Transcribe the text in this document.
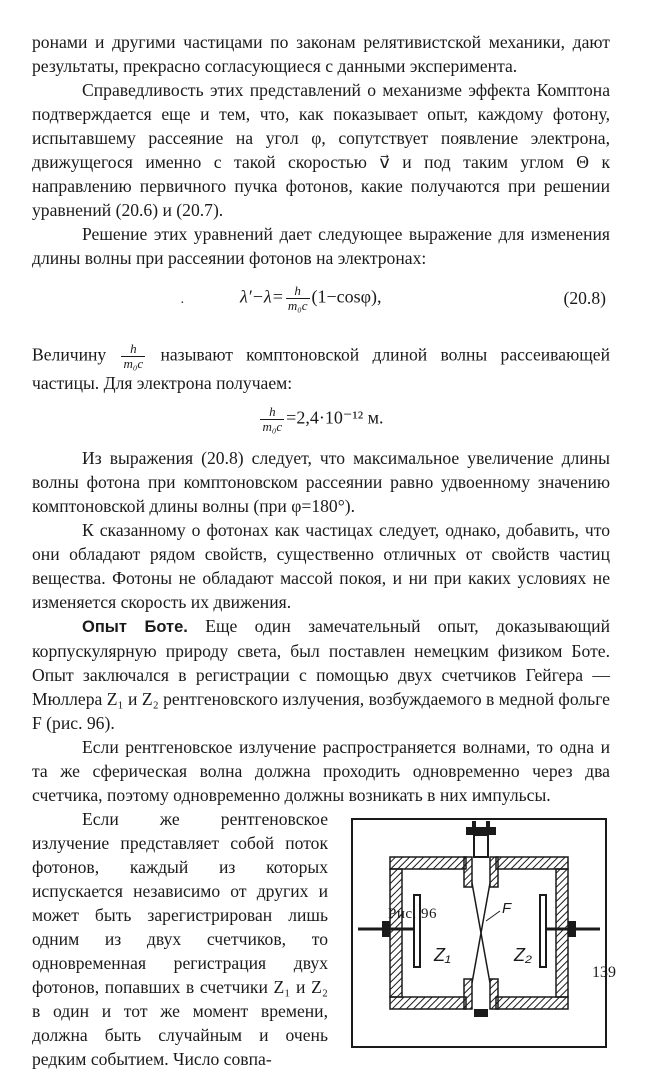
ронами и другими частицами по законам релятивистской механики, дают результаты, прекрасно согласующиеся с данными эксперимента.

Справедливость этих представлений о механизме эффекта Комптона подтверждается еще и тем, что, как показывает опыт, каждому фотону, испытавшему рассеяние на угол φ, сопутствует появление электрона, движущегося именно с такой скоростью v⃗ и под таким углом Θ к направлению первичного пучка фотонов, какие получаются при решении уравнений (20.6) и (20.7).

Решение этих уравнений дает следующее выражение для изменения длины волны при рассеянии фотонов на электронах:

·	$\lambda'-\lambda= \frac{h}{\text{m₀c}} (1-\cos\varphi)$,	(20.8)

Величину $\frac{h}{\text{m₀c}}$ называют комптоновской длиной волны рассеивающей частицы. Для электрона получаем:

$\frac{h}{\text{m₀c}} =2,4\cdot 10^{-12}$ м.

Из выражения (20.8) следует, что максимальное увеличение длины волны фотона при комптоновском рассеянии равно удвоенному значению комптоновской длины волны (при φ=180°).

К сказанному о фотонах как частицах следует, однако, добавить, что они обладают рядом свойств, существенно отличных от свойств частиц вещества. Фотоны не обладают массой покоя, и ни при каких условиях не изменяется скорость их движения.

Опыт Боте. Еще один замечательный опыт, доказывающий корпускулярную природу света, был поставлен немецким физиком Боте. Опыт заключался в регистрации с помощью двух счетчиков Гейгера — Мюллера Z₁ и Z₂ рентгеновского излучения, возбуждаемого в медной фольге F (рис. 96).

Если рентгеновское излучение распространяется волнами, то одна и та же сферическая волна должна проходить одновременно через два счетчика, поэтому одновременно должны возникать в них импульсы.

Если же рентгеновское излучение представляет собой поток фотонов, каждый из которых испускается независимо от других и может быть зарегистрирован лишь одним из двух счетчиков, то одновременная регистрация двух фотонов, попавших в счетчики Z₁ и Z₂ в один и тот же момент времени, должна быть случайным и очень редким событием. Число совпа-

Z₁	Z₂
F
Рис. 96
139
